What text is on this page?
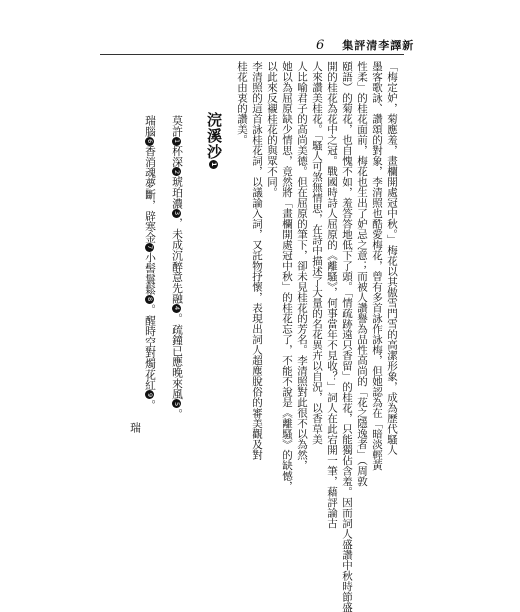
6 集評清李譯新
「梅定妒，菊應羞，畫欄開處冠中秋。」梅花以其傲雪門雪的高潔形象，成為歷代騷人
墨客歌詠、讚頌的對象，李清照也酷愛梅花，曾有多首詠作詠梅，但她認為在「暗淡輕黃
性柔」的桂花面前，梅花也生出了妒忌之意；而被人讚譽為品性高尚的「花之隱逸者」（周敦
頤語）的菊花，也自愧不如，羞答答地低下了頭。「情疏跡遠只香留」的桂花，只能獨佔含羞。因而詞人盛讚中秋時節盛
開的桂花為花中之冠。戰國時詩人屈原的《離騷》，何事當年不見收？」詞人在此宕開一筆，藉評論古
人來讚美桂花。「騷人可煞無情思，在詩中描述了大量的名花異卉以自況，以香草美
人比喻君子的高尚美德。但在屈原的筆下，卻未見桂花的芳名。李清照對此很不以為然，
她以為屈原缺少情思，竟然將「畫欄開處冠中秋」的桂花忘了，不能不說是《離騷》的缺憾，
以此來反襯桂花的與眾不同。
李清照的這首詠桂花詞，以議論入詞，又託物抒懷，表現出詞人超塵脫俗的審美觀及對
桂花由衷的讚美。
浣溪沙1
莫許1杯深2琥珀濃3，未成沉醉意先融4。疏鐘已應晚來風5。
瑞腦6香消魂夢斷，辟寒金7小髻鬟鬆8。醒時空對燭花紅9。
瑞
